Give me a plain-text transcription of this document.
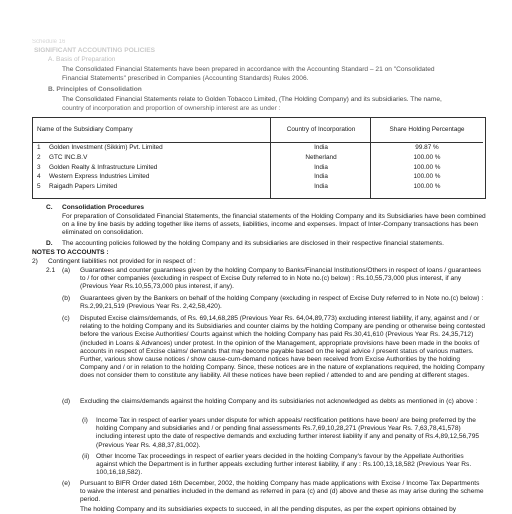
Schedule 16
SIGNIFICANT ACCOUNTING POLICIES
A. Basis of Preparation
The Consolidated Financial Statements have been prepared in accordance with the Accounting Standard – 21 on "Consolidated
Financial Statements" prescribed in Companies (Accounting Standards) Rules 2006.
B. Principles of Consolidation
The Consolidated Financial Statements relate to Golden Tobacco Limited, (The Holding Company) and its subsidiaries. The name,
country of incorporation and proportion of ownership interest are as under :
Name of the Subsidiary Company	Country of Incorporation	Share Holding Percentage
1 Golden Investment (Sikkim) Pvt. Limited	India	99.87 %
2 GTC INC.B.V	Netherland	100.00 %
3 Golden Realty & Infrastructure Limited	India	100.00 %
4 Western Express Industries Limited	India	100.00 %
5 Raigadh Papers Limited	India	100.00 %
C. Consolidation Procedures
For preparation of Consolidated Financial Statements, the financial statements of the Holding Company and its Subsidiaries have been combined on a line by line basis by adding together like items of assets, liabilities, income and expenses. Impact of Inter-Company transactions has been eliminated on consolidation.
D. The accounting policies followed by the holding Company and its subsidiaries are disclosed in their respective financial statements.
NOTES TO ACCOUNTS :
2) Contingent liabilities not provided for in respect of :
2.1 (a) Guarantees and counter guarantees given by the holding Company to Banks/Financial Institutions/Others in respect of loans / guarantees to / for other companies (excluding in respect of Excise Duty referred to in Note no.(c) below) : Rs.10,55,73,000 plus interest, if any (Previous Year Rs.10,55,73,000 plus interest, if any).
(b) Guarantees given by the Bankers on behalf of the holding Company (excluding in respect of Excise Duty referred to in Note no.(c) below) : Rs.2,99,21,519 (Previous Year Rs. 2,42,58,420).
(c) Disputed Excise claims/demands, of Rs. 69,14,68,285 (Previous Year Rs. 64,04,89,773) excluding interest liability, if any, against and / or relating to the holding Company and its Subsidiaries and counter claims by the holding Company are pending or otherwise being contested before the various Excise Authorities/ Courts against which the holding Company has paid Rs.30,41,610 (Previous Year Rs. 24,35,712) (included in Loans & Advances) under protest. In the opinion of the Management, appropriate provisions have been made in the books of accounts in respect of Excise claims/ demands that may become payable based on the legal advice / present status of various matters. Further, various show cause notices / show cause-cum-demand notices have been received from Excise Authorities by the holding Company and / or in relation to the holding Company. Since, these notices are in the nature of explanations required, the holding Company does not consider them to constitute any liability. All these notices have been replied / attended to and are pending at different stages.
(d) Excluding the claims/demands against the holding Company and its subsidiaries not acknowledged as debts as mentioned in (c) above :
(i) Income Tax in respect of earlier years under dispute for which appeals/ rectification petitions have been/ are being preferred by the holding Company and subsidiaries and / or pending final assessments Rs.7,69,10,28,271 (Previous Year Rs. 7,63,78,41,578) including interest upto the date of respective demands and excluding further interest liability if any and penalty of Rs.4,89,12,56,795 (Previous Year Rs. 4,88,37,81,002).
(ii) Other Income Tax proceedings in respect of earlier years decided in the holding Company's favour by the Appellate Authorities against which the Department is in further appeals excluding further interest liability, if any : Rs.100,13,18,582 (Previous Year Rs. 100,16,18,582).
(e) Pursuant to BIFR Order dated 16th December, 2002, the holding Company has made applications with Excise / Income Tax Departments to waive the interest and penalties included in the demand as referred in para (c) and (d) above and these as may arise during the scheme period.
The holding Company and its subsidiaries expects to succeed, in all the pending disputes, as per the expert opinions obtained by
